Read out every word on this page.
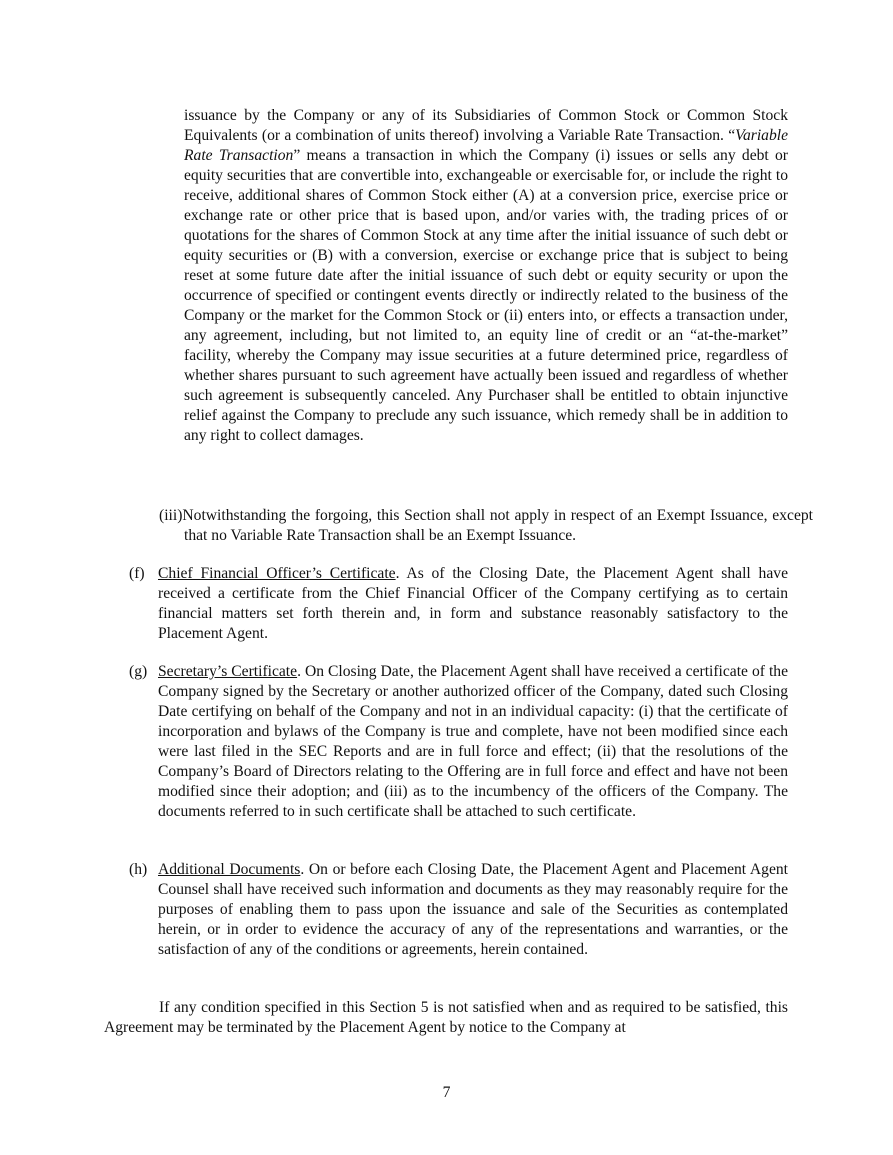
issuance by the Company or any of its Subsidiaries of Common Stock or Common Stock Equivalents (or a combination of units thereof) involving a Variable Rate Transaction. “Variable Rate Transaction” means a transaction in which the Company (i) issues or sells any debt or equity securities that are convertible into, exchangeable or exercisable for, or include the right to receive, additional shares of Common Stock either (A) at a conversion price, exercise price or exchange rate or other price that is based upon, and/or varies with, the trading prices of or quotations for the shares of Common Stock at any time after the initial issuance of such debt or equity securities or (B) with a conversion, exercise or exchange price that is subject to being reset at some future date after the initial issuance of such debt or equity security or upon the occurrence of specified or contingent events directly or indirectly related to the business of the Company or the market for the Common Stock or (ii) enters into, or effects a transaction under, any agreement, including, but not limited to, an equity line of credit or an “at-the-market” facility, whereby the Company may issue securities at a future determined price, regardless of whether shares pursuant to such agreement have actually been issued and regardless of whether such agreement is subsequently canceled. Any Purchaser shall be entitled to obtain injunctive relief against the Company to preclude any such issuance, which remedy shall be in addition to any right to collect damages.

(iii)Notwithstanding the forgoing, this Section shall not apply in respect of an Exempt Issuance, except that no Variable Rate Transaction shall be an Exempt Issuance.

(f) Chief Financial Officer’s Certificate. As of the Closing Date, the Placement Agent shall have received a certificate from the Chief Financial Officer of the Company certifying as to certain financial matters set forth therein and, in form and substance reasonably satisfactory to the Placement Agent.
(g) Secretary’s Certificate. On Closing Date, the Placement Agent shall have received a certificate of the Company signed by the Secretary or another authorized officer of the Company, dated such Closing Date certifying on behalf of the Company and not in an individual capacity: (i) that the certificate of incorporation and bylaws of the Company is true and complete, have not been modified since each were last filed in the SEC Reports and are in full force and effect; (ii) that the resolutions of the Company’s Board of Directors relating to the Offering are in full force and effect and have not been modified since their adoption; and (iii) as to the incumbency of the officers of the Company. The documents referred to in such certificate shall be attached to such certificate.
(h) Additional Documents. On or before each Closing Date, the Placement Agent and Placement Agent Counsel shall have received such information and documents as they may reasonably require for the purposes of enabling them to pass upon the issuance and sale of the Securities as contemplated herein, or in order to evidence the accuracy of any of the representations and warranties, or the satisfaction of any of the conditions or agreements, herein contained.

If any condition specified in this Section 5 is not satisfied when and as required to be satisfied, this Agreement may be terminated by the Placement Agent by notice to the Company at

7
